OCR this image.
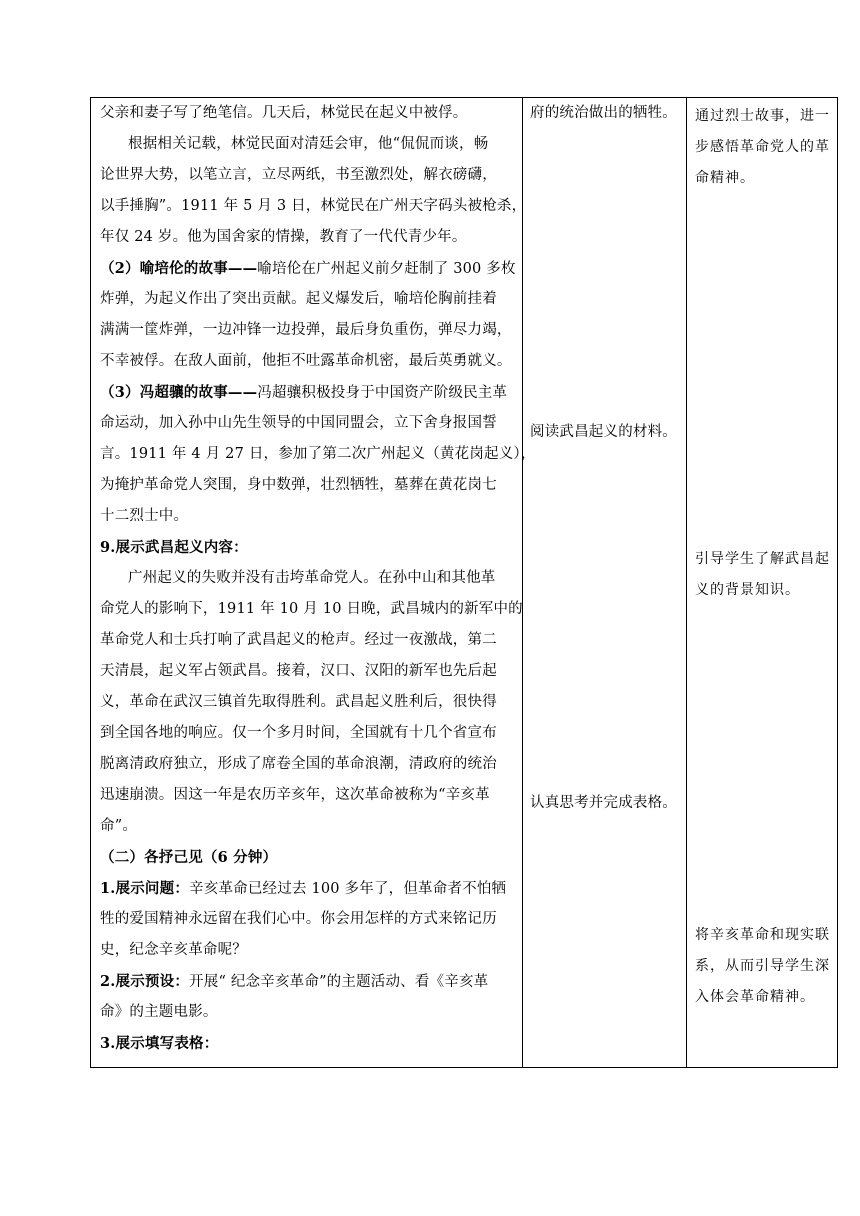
父亲和妻子写了绝笔信。几天后，林觉民在起义中被俘。
根据相关记载，林觉民面对清廷会审，他“侃侃而谈，畅
论世界大势，以笔立言，立尽两纸，书至激烈处，解衣磅礴，
以手捶胸”。1911 年 5 月 3 日，林觉民在广州天字码头被枪杀，
年仅 24 岁。他为国舍家的情操，教育了一代代青少年。
（2）喻培伦的故事——喻培伦在广州起义前夕赶制了 300 多枚
炸弹，为起义作出了突出贡献。起义爆发后，喻培伦胸前挂着
满满一筐炸弹，一边冲锋一边投弹，最后身负重伤，弹尽力竭，
不幸被俘。在敌人面前，他拒不吐露革命机密，最后英勇就义。
（3）冯超骧的故事——冯超骧积极投身于中国资产阶级民主革
命运动，加入孙中山先生领导的中国同盟会，立下舍身报国誓
言。1911 年 4 月 27 日，参加了第二次广州起义（黄花岗起义），
为掩护革命党人突围，身中数弹，壮烈牺牲，墓葬在黄花岗七
十二烈士中。
9.展示武昌起义内容：
广州起义的失败并没有击垮革命党人。在孙中山和其他革
命党人的影响下，1911 年 10 月 10 日晚，武昌城内的新军中的
革命党人和士兵打响了武昌起义的枪声。经过一夜激战，第二
天清晨，起义军占领武昌。接着，汉口、汉阳的新军也先后起
义，革命在武汉三镇首先取得胜利。武昌起义胜利后，很快得
到全国各地的响应。仅一个多月时间，全国就有十几个省宣布
脱离清政府独立，形成了席卷全国的革命浪潮，清政府的统治
迅速崩溃。因这一年是农历辛亥年，这次革命被称为“辛亥革
命”。
（二）各抒己见（6 分钟）
1.展示问题：辛亥革命已经过去 100 多年了，但革命者不怕牺
牲的爱国精神永远留在我们心中。你会用怎样的方式来铭记历
史，纪念辛亥革命呢？
2.展示预设：开展“ 纪念辛亥革命”的主题活动、看《辛亥革
命》的主题电影。
3.展示填写表格：
府的统治做出的牺牲。
阅读武昌起义的材料。
认真思考并完成表格。
通过烈士故事，进一
步感悟革命党人的革
命精神。
引导学生了解武昌起
义的背景知识。
将辛亥革命和现实联
系，从而引导学生深
入体会革命精神。
